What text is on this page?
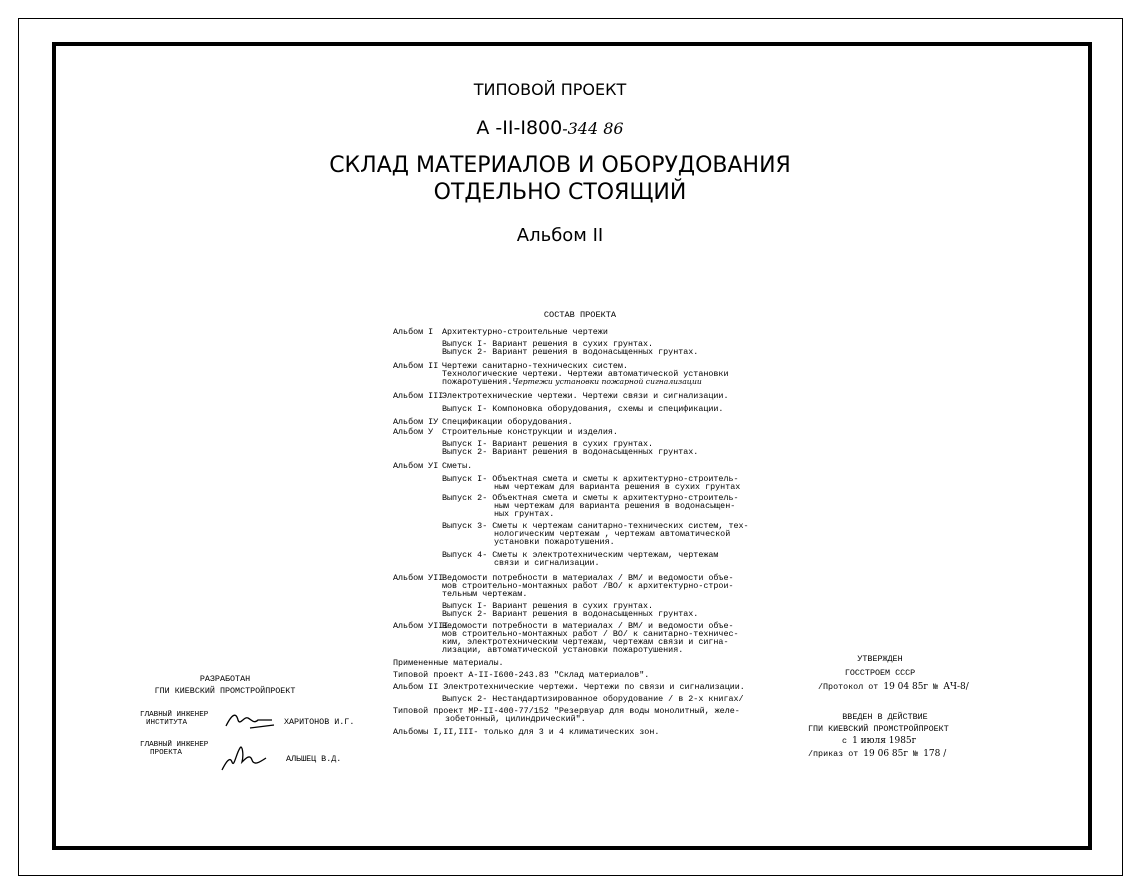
ТИПОВОЙ ПРОЕКТ
А -II-I800-344 86
СКЛАД МАТЕРИАЛОВ И ОБОРУДОВАНИЯ
ОТДЕЛЬНО СТОЯЩИЙ
Альбом II
СОСТАВ ПРОЕКТА
Альбом I Архитектурно-строительные чертежи
Выпуск I- Вариант решения в сухих грунтах.
Выпуск 2- Вариант решения в водонасыщенных грунтах.
Альбом II Чертежи санитарно-технических систем.
Технологические чертежи. Чертежи автоматической установки
пожаротушения.Чертежи установки пожарной сигнализации
Альбом III
Электротехнические чертежи. Чертежи связи и сигнализации.
Выпуск I- Компоновка оборудования, схемы и спецификации.
Альбом IУ Спецификации оборудования.
Альбом У Строительные конструкции и изделия.
Выпуск I- Вариант решения в сухих грунтах.
Выпуск 2- Вариант решения в водонасыщенных грунтах.
Альбом УI Сметы.
Выпуск I- Объектная смета и сметы к архитектурно-строитель-
ным чертежам для варианта решения в сухих грунтах
Выпуск 2- Объектная смета и сметы к архитектурно-строитель-
ным чертежам для варианта решения в водонасыщен-
ных грунтах.
Выпуск 3- Сметы к чертежам санитарно-технических систем, тех-
нологическим чертежам , чертежам автоматической
установки пожаротушения.
Выпуск 4- Сметы к электротехническим чертежам, чертежам
связи и сигнализации.
Альбом УII
Ведомости потребности в материалах / ВМ/ и ведомости объе-
мов строительно-монтажных работ /ВО/ к архитектурно-строи-
тельным чертежам.
Выпуск I- Вариант решения в сухих грунтах.
Выпуск 2- Вариант решения в водонасыщенных грунтах.
Альбом УIII
Ведомости потребности в материалах / ВМ/ и ведомости объе-
мов строительно-монтажных работ / ВО/ к санитарно-техничес-
ким, электротехническим чертежам, чертежам связи и сигна-
лизации, автоматической установки пожаротушения.
Примененные материалы.
Типовой проект А-II-I600-243.83 "Склад материалов".
Альбом II Электротехнические чертежи. Чертежи по связи и сигнализации.
Выпуск 2- Нестандартизированное оборудование / в 2-х книгах/
Типовой проект МР-II-400-77/152 "Резервуар для воды монолитный, желе-
зобетонный, цилиндрический".
Альбомы I,II,III- только для 3 и 4 климатических зон.
РАЗРАБОТАН
ГПИ КИЕВСКИЙ ПРОМСТРОЙПРОЕКТ
ГЛАВНЫЙ ИНЖЕНЕР
ИНСТИТУТА	ХАРИТОНОВ И.Г.
ГЛАВНЫЙ ИНЖЕНЕР
ПРОЕКТА
АЛЬШЕЦ В.Д.
УТВЕРЖДЕН
ГОССТРОЕМ СССР
/Протокол от 19 04 85г № АЧ-8/
ВВЕДЕН В ДЕЙСТВИЕ
ГПИ КИЕВСКИЙ ПРОМСТРОЙПРОЕКТ
с 1 июля 1985г
/приказ от 19 06 85г № 178 /
